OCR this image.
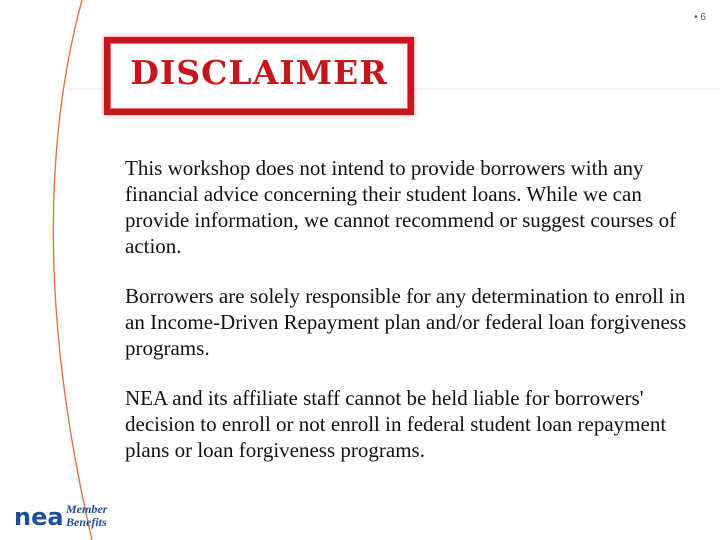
• 6
DISCLAIMER

This workshop does not intend to provide borrowers with any financial advice concerning their student loans. While we can provide information, we cannot recommend or suggest courses of action.

Borrowers are solely responsible for any determination to enroll in an Income-Driven Repayment plan and/or federal loan forgiveness programs.

NEA and its affiliate staff cannot be held liable for borrowers' decision to enroll or not enroll in federal student loan repayment plans or loan forgiveness programs.

nea Member
Benefits
